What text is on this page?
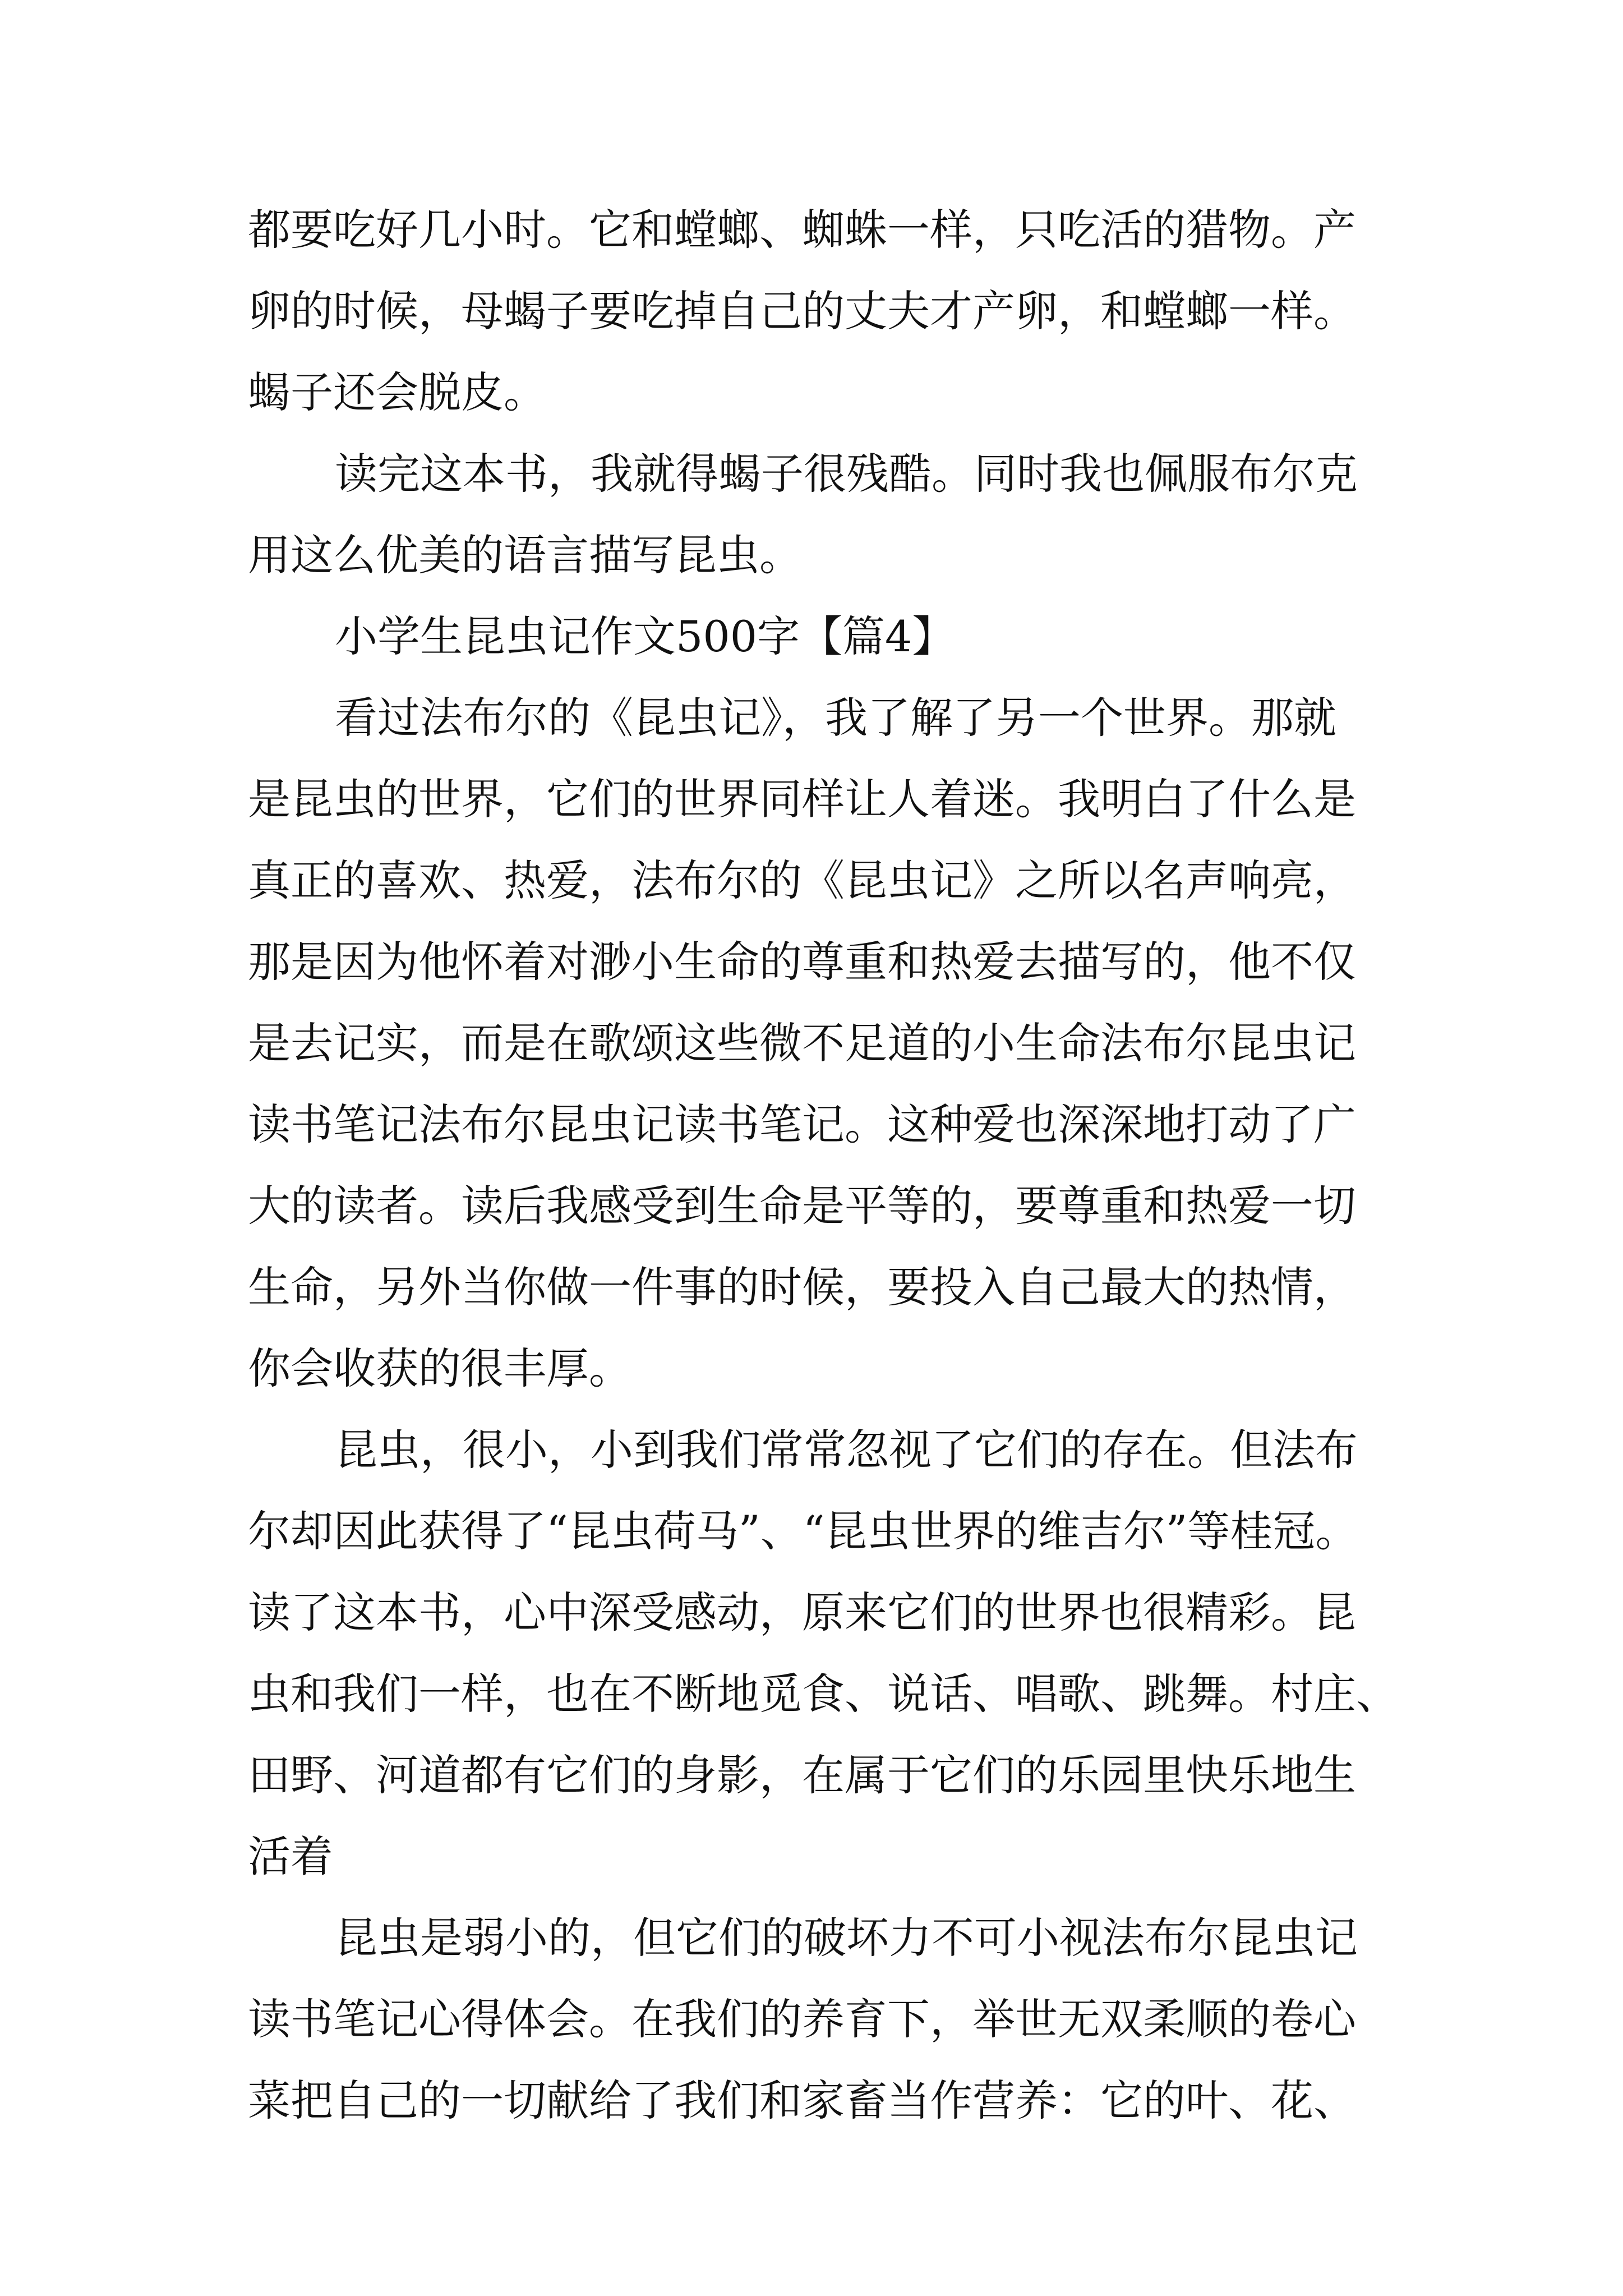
都要吃好几小时。它和螳螂、蜘蛛一样，只吃活的猎物。产

卵的时候，母蝎子要吃掉自己的丈夫才产卵，和螳螂一样。

蝎子还会脱皮。

读完这本书，我就得蝎子很残酷。同时我也佩服布尔克

用这么优美的语言描写昆虫。

小学生昆虫记作文500字【篇4】

看过法布尔的《昆虫记》，我了解了另一个世界。那就

是昆虫的世界，它们的世界同样让人着迷。我明白了什么是

真正的喜欢、热爱，法布尔的《昆虫记》之所以名声响亮，

那是因为他怀着对渺小生命的尊重和热爱去描写的，他不仅

是去记实，而是在歌颂这些微不足道的小生命法布尔昆虫记

读书笔记法布尔昆虫记读书笔记。这种爱也深深地打动了广

大的读者。读后我感受到生命是平等的，要尊重和热爱一切

生命，另外当你做一件事的时候，要投入自己最大的热情，

你会收获的很丰厚。

昆虫，很小，小到我们常常忽视了它们的存在。但法布

尔却因此获得了“昆虫荷马”、“昆虫世界的维吉尔”等桂冠。

读了这本书，心中深受感动，原来它们的世界也很精彩。昆

虫和我们一样，也在不断地觅食、说话、唱歌、跳舞。村庄、

田野、河道都有它们的身影，在属于它们的乐园里快乐地生

活着

昆虫是弱小的，但它们的破坏力不可小视法布尔昆虫记

读书笔记心得体会。在我们的养育下，举世无双柔顺的卷心

菜把自己的一切献给了我们和家畜当作营养：它的叶、花、
